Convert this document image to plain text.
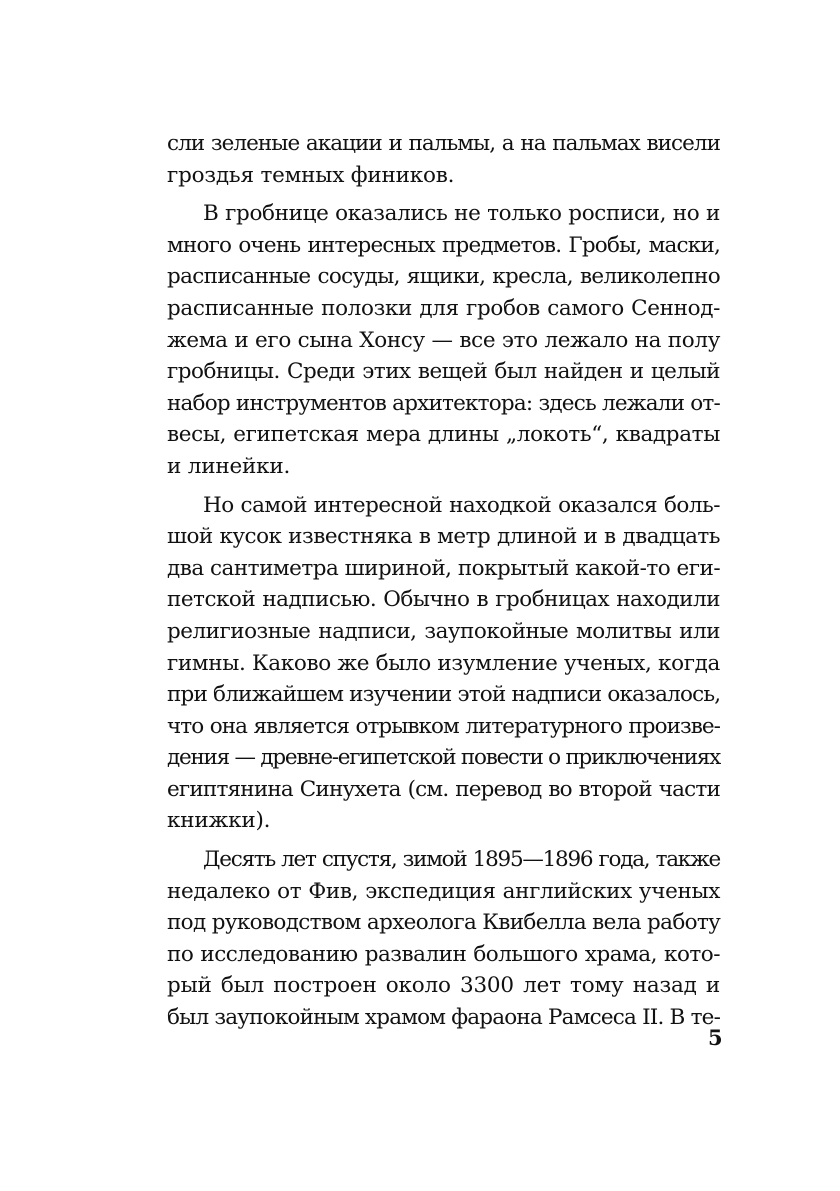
сли зеленые акации и пальмы, а на пальмах висели
гроздья темных фиников.
В гробнице оказались не только росписи, но и
много очень интересных предметов. Гробы, маски,
расписанные сосуды, ящики, кресла, великолепно
расписанные полозки для гробов самого Сеннод-
жема и его сына Хонсу — все это лежало на полу
гробницы. Среди этих вещей был найден и целый
набор инструментов архитектора: здесь лежали от-
весы, египетская мера длины „локоть“, квадраты
и линейки.
Но самой интересной находкой оказался боль-
шой кусок известняка в метр длиной и в двадцать
два сантиметра шириной, покрытый какой-то еги-
петской надписью. Обычно в гробницах находили
религиозные надписи, заупокойные молитвы или
гимны. Каково же было изумление ученых, когда
при ближайшем изучении этой надписи оказалось,
что она является отрывком литературного произве-
дения — древне-египетской повести о приключениях
египтянина Синухета (см. перевод во второй части
книжки).
Десять лет спустя, зимой 1895—1896 года, также
недалеко от Фив, экспедиция английских ученых
под руководством археолога Квибелла вела работу
по исследованию развалин большого храма, кото-
рый был построен около 3300 лет тому назад и
был заупокойным храмом фараона Рамсеса II. В те-
5
